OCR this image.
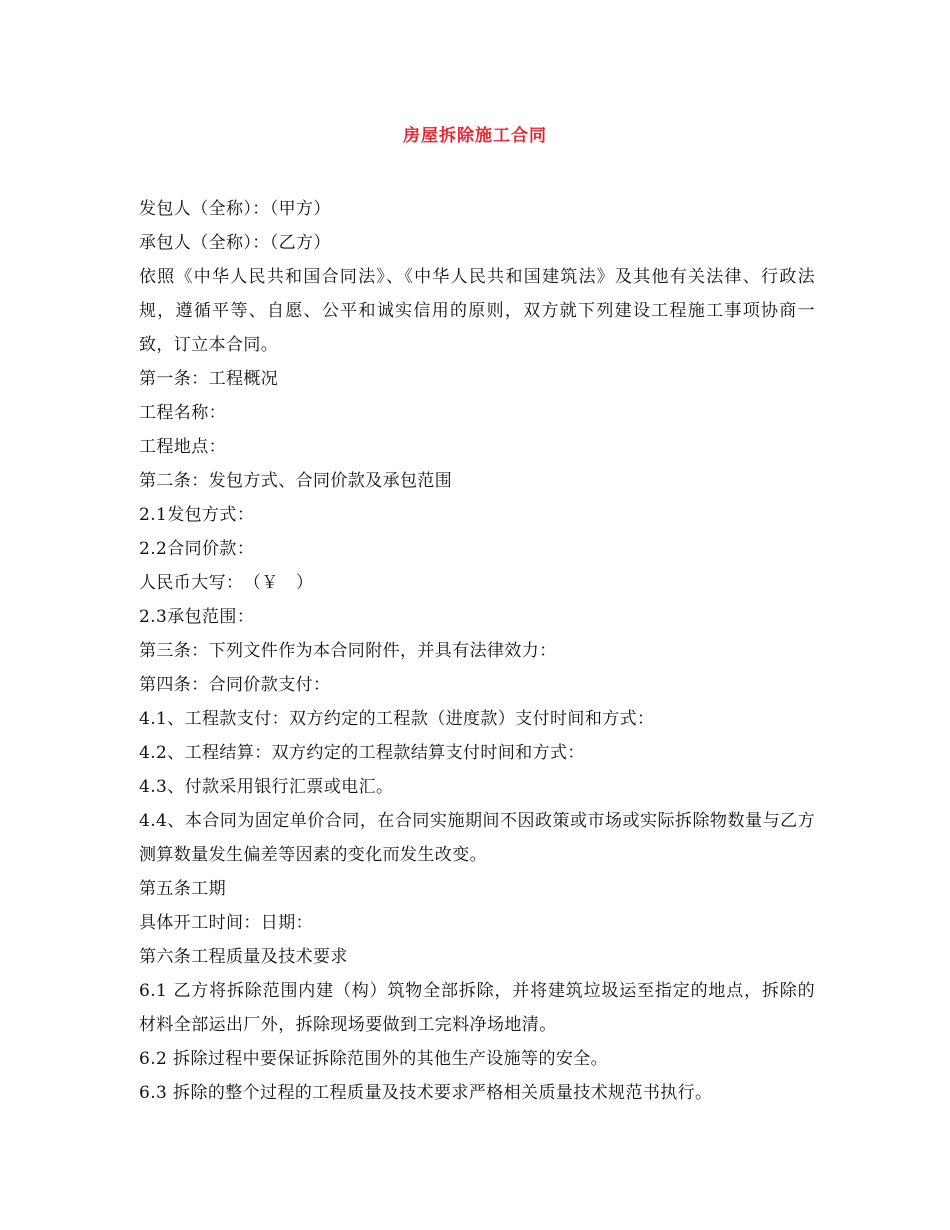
房屋拆除施工合同
发包人（全称）：（甲方）
承包人（全称）：（乙方）
依照《中华人民共和国合同法》、《中华人民共和国建筑法》及其他有关法律、行政法规，遵循平等、自愿、公平和诚实信用的原则，双方就下列建设工程施工事项协商一致，订立本合同。
第一条：工程概况
工程名称：
工程地点：
第二条：发包方式、合同价款及承包范围
2.1发包方式：
2.2合同价款：
人民币大写：　（￥　）
2.3承包范围：
第三条：下列文件作为本合同附件，并具有法律效力：
第四条：合同价款支付：
4.1、工程款支付：双方约定的工程款（进度款）支付时间和方式：
4.2、工程结算：双方约定的工程款结算支付时间和方式：
4.3、付款采用银行汇票或电汇。
4.4、本合同为固定单价合同，在合同实施期间不因政策或市场或实际拆除物数量与乙方测算数量发生偏差等因素的变化而发生改变。
第五条工期
具体开工时间：日期：
第六条工程质量及技术要求
6.1 乙方将拆除范围内建（构）筑物全部拆除，并将建筑垃圾运至指定的地点，拆除的材料全部运出厂外，拆除现场要做到工完料净场地清。
6.2 拆除过程中要保证拆除范围外的其他生产设施等的安全。
6.3 拆除的整个过程的工程质量及技术要求严格相关质量技术规范书执行。
